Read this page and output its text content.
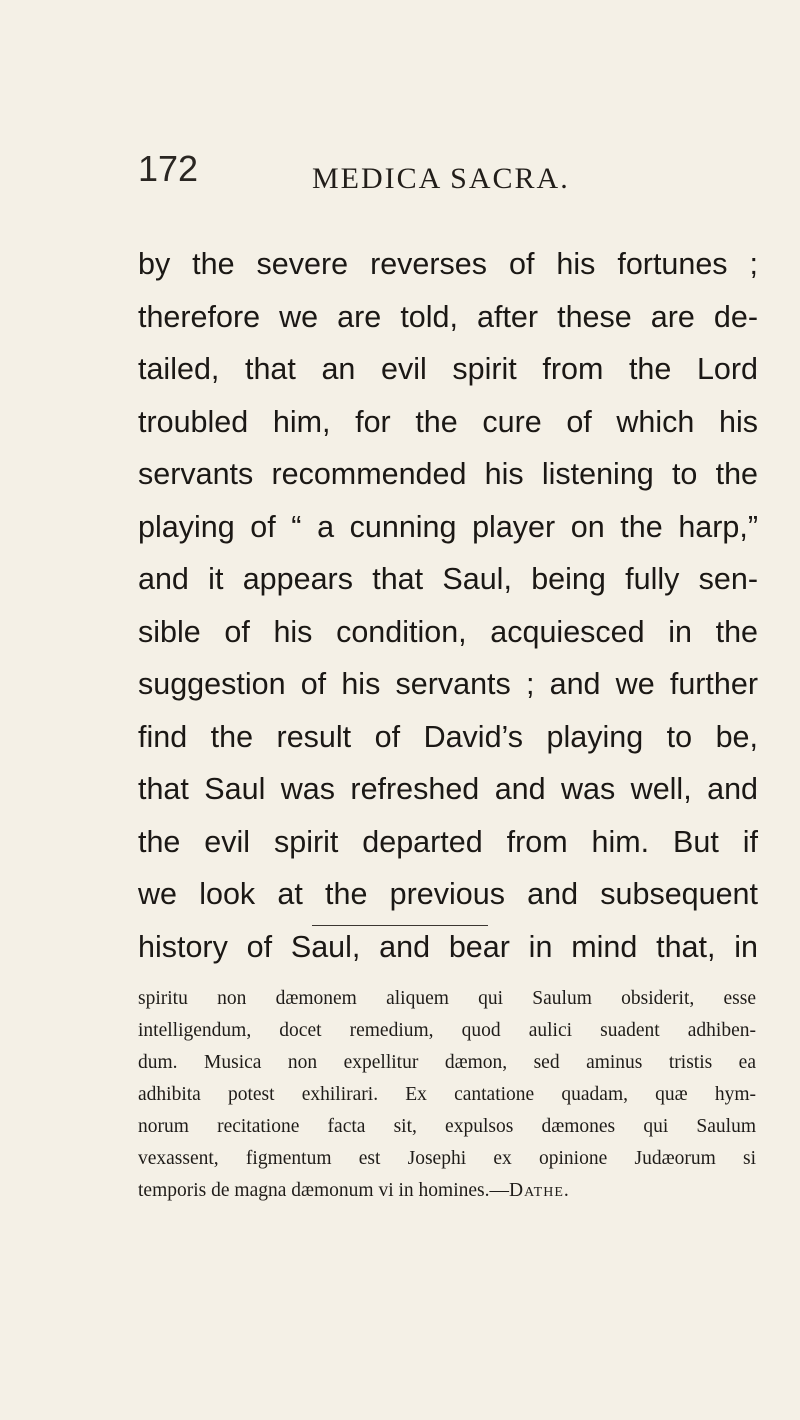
172	MEDICA SACRA.
by the severe reverses of his fortunes ;
therefore we are told, after these are de-
tailed, that an evil spirit from the Lord
troubled him, for the cure of which his
servants recommended his listening to the
playing of “ a cunning player on the harp,”
and it appears that Saul, being fully sen-
sible of his condition, acquiesced in the
suggestion of his servants ; and we further
find the result of David’s playing to be,
that Saul was refreshed and was well, and
the evil spirit departed from him. But if
we look at the previous and subsequent
history of Saul, and bear in mind that, in
spiritu non dæmonem aliquem qui Saulum obsiderit, esse
intelligendum, docet remedium, quod aulici suadent adhiben-
dum. Musica non expellitur dæmon, sed aminus tristis ea
adhibita potest exhilirari. Ex cantatione quadam, quæ hym-
norum recitatione facta sit, expulsos dæmones qui Saulum
vexassent, figmentum est Josephi ex opinione Judæorum si
temporis de magna dæmonum vi in homines.—Dathe.
